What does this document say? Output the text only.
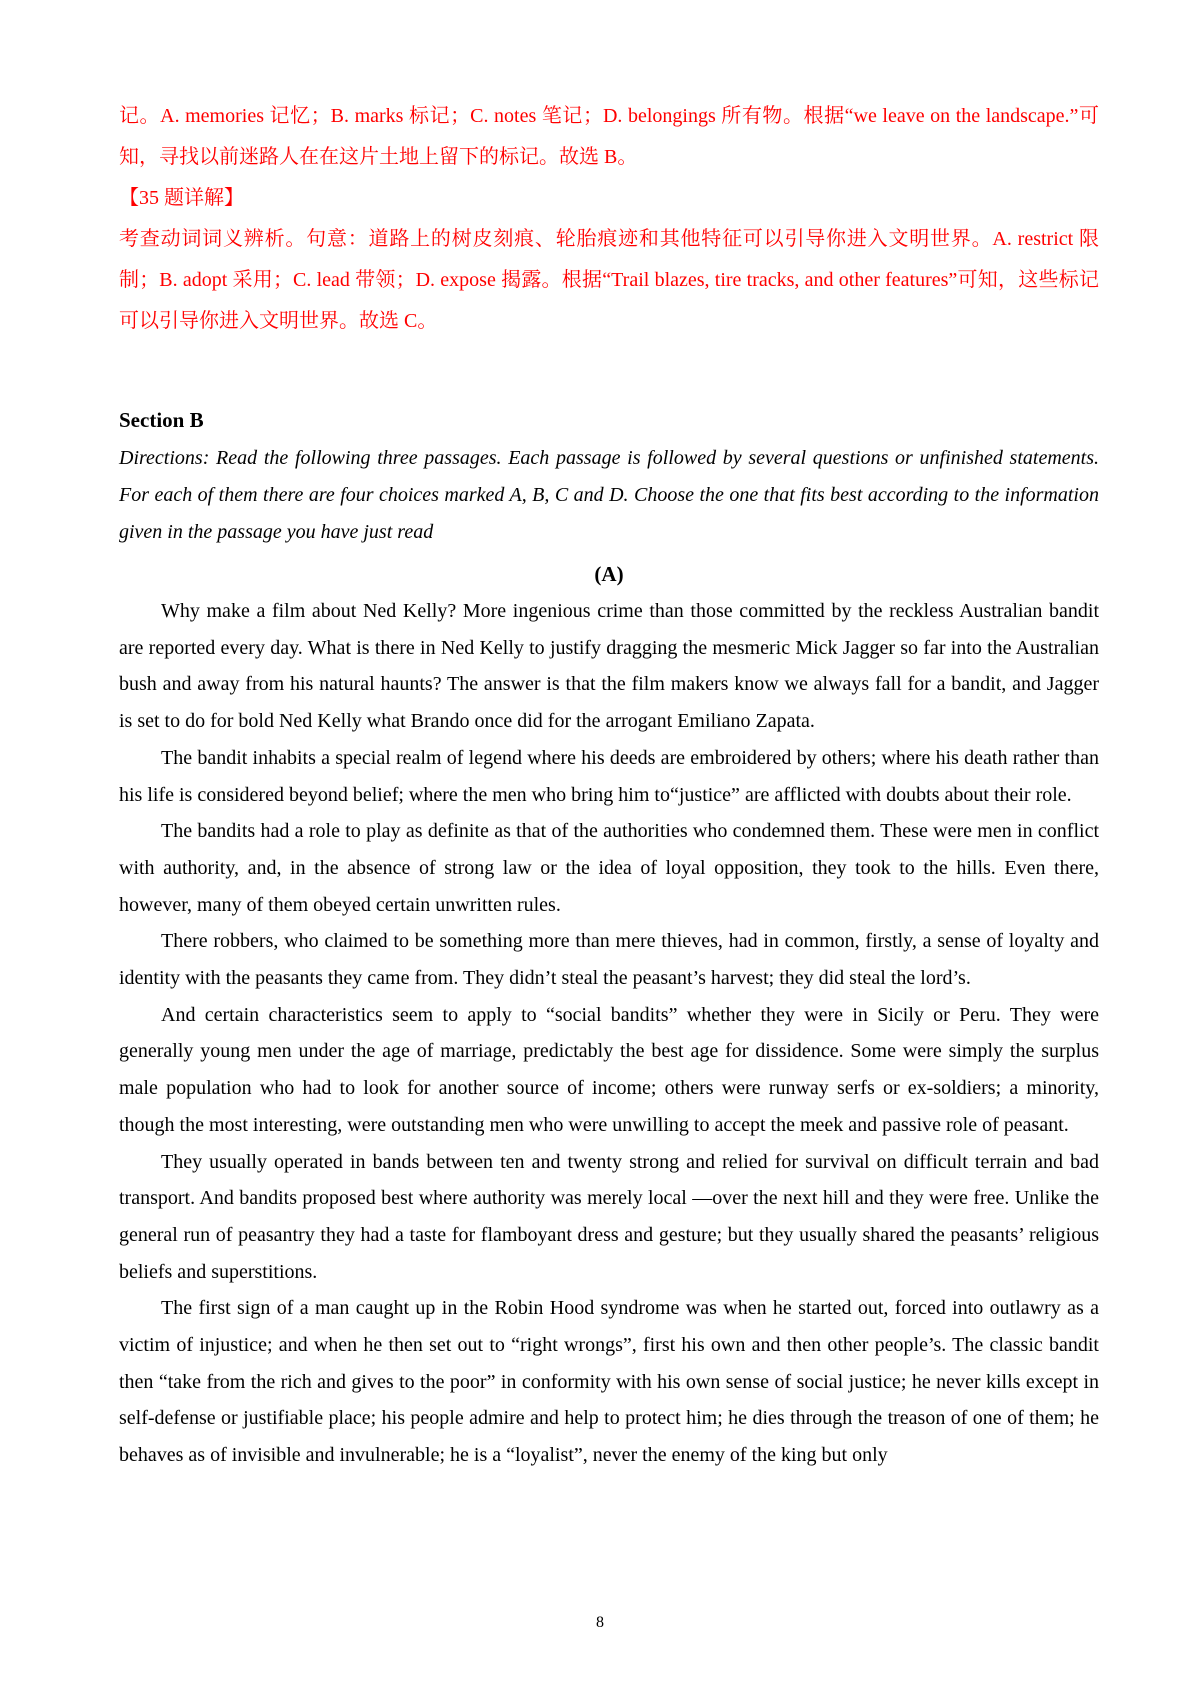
记。A. memories 记忆；B. marks 标记；C. notes 笔记；D. belongings 所有物。根据“we leave on the landscape.”可知，寻找以前迷路人在在这片土地上留下的标记。故选 B。

【35 题详解】

考查动词词义辨析。句意：道路上的树皮刻痕、轮胎痕迹和其他特征可以引导你进入文明世界。A. restrict 限制；B. adopt 采用；C. lead 带领；D. expose 揭露。根据“Trail blazes, tire tracks, and other features”可知，这些标记可以引导你进入文明世界。故选 C。

Section B

Directions: Read the following three passages. Each passage is followed by several questions or unfinished statements. For each of them there are four choices marked A, B, C and D. Choose the one that fits best according to the information given in the passage you have just read

(A)

Why make a film about Ned Kelly? More ingenious crime than those committed by the reckless Australian bandit are reported every day. What is there in Ned Kelly to justify dragging the mesmeric Mick Jagger so far into the Australian bush and away from his natural haunts? The answer is that the film makers know we always fall for a bandit, and Jagger is set to do for bold Ned Kelly what Brando once did for the arrogant Emiliano Zapata.

The bandit inhabits a special realm of legend where his deeds are embroidered by others; where his death rather than his life is considered beyond belief; where the men who bring him to“justice” are afflicted with doubts about their role.

The bandits had a role to play as definite as that of the authorities who condemned them. These were men in conflict with authority, and, in the absence of strong law or the idea of loyal opposition, they took to the hills. Even there, however, many of them obeyed certain unwritten rules.

There robbers, who claimed to be something more than mere thieves, had in common, firstly, a sense of loyalty and identity with the peasants they came from. They didn’t steal the peasant’s harvest; they did steal the lord’s.

And certain characteristics seem to apply to “social bandits” whether they were in Sicily or Peru. They were generally young men under the age of marriage, predictably the best age for dissidence. Some were simply the surplus male population who had to look for another source of income; others were runway serfs or ex-soldiers; a minority, though the most interesting, were outstanding men who were unwilling to accept the meek and passive role of peasant.

They usually operated in bands between ten and twenty strong and relied for survival on difficult terrain and bad transport. And bandits proposed best where authority was merely local —over the next hill and they were free. Unlike the general run of peasantry they had a taste for flamboyant dress and gesture; but they usually shared the peasants’ religious beliefs and superstitions.

The first sign of a man caught up in the Robin Hood syndrome was when he started out, forced into outlawry as a victim of injustice; and when he then set out to “right wrongs”, first his own and then other people’s. The classic bandit then “take from the rich and gives to the poor” in conformity with his own sense of social justice; he never kills except in self-defense or justifiable place; his people admire and help to protect him; he dies through the treason of one of them; he behaves as of invisible and invulnerable; he is a “loyalist”, never the enemy of the king but only

8
